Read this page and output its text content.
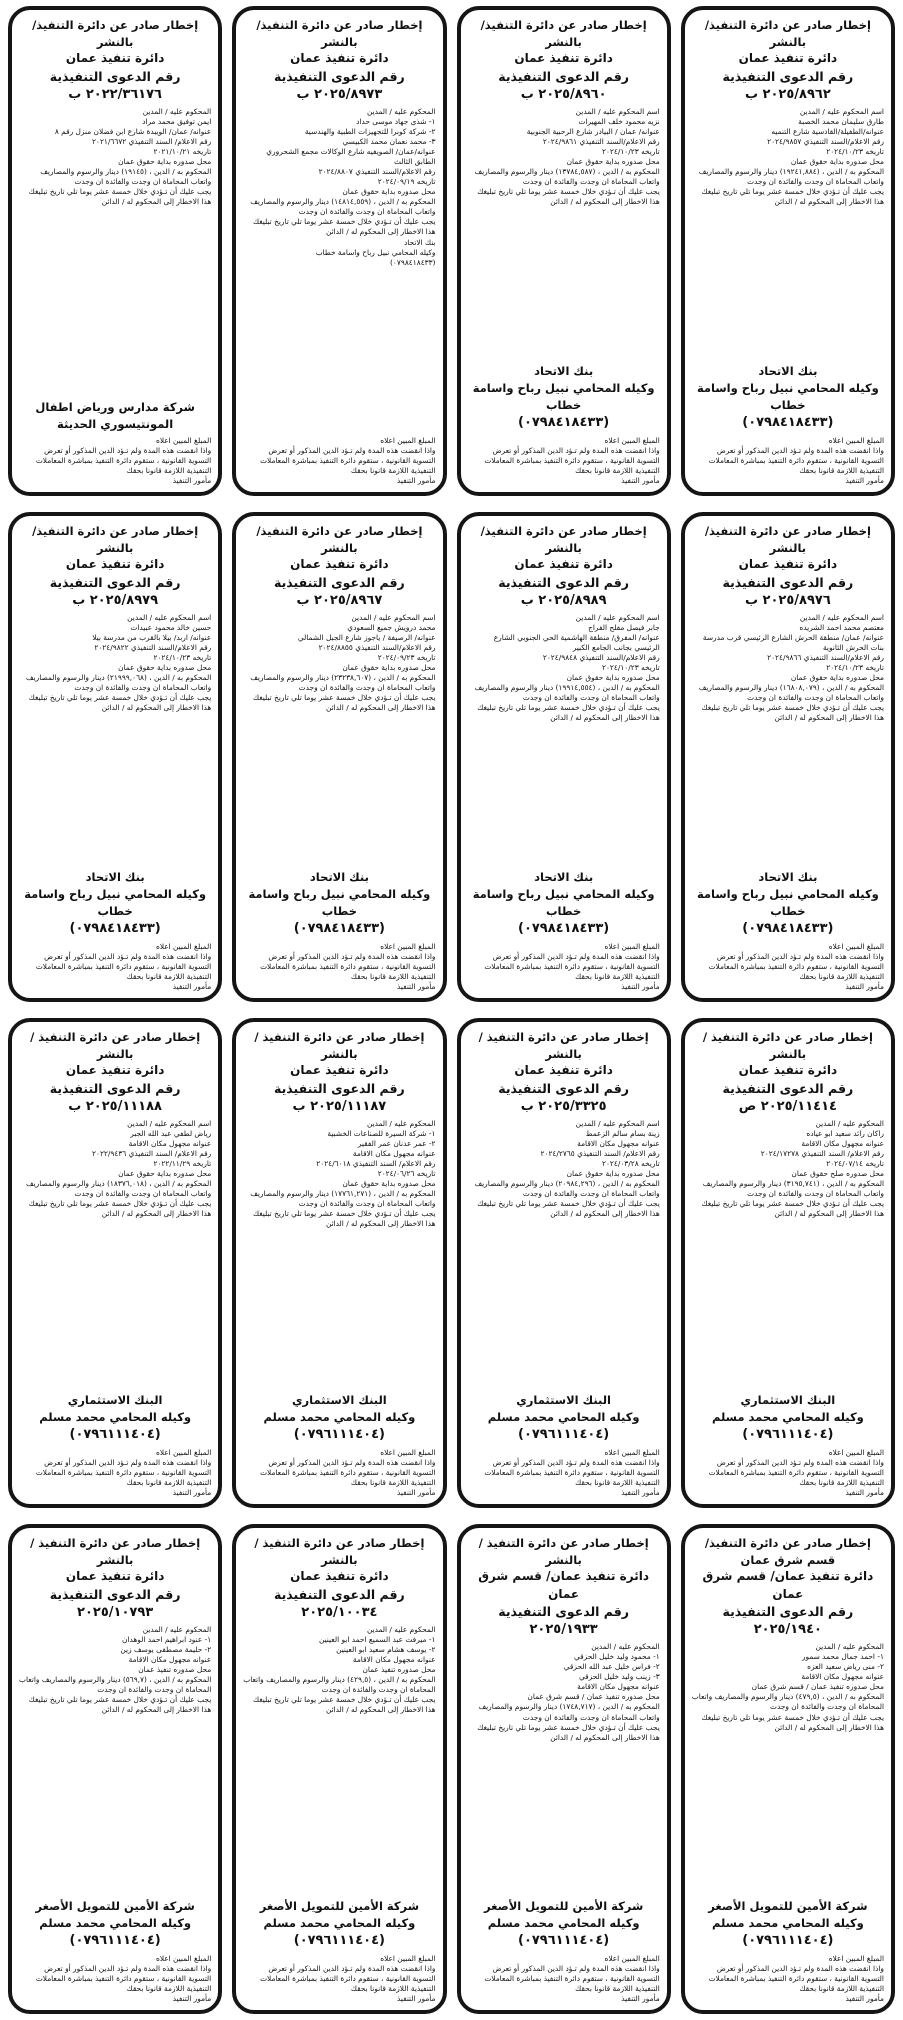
إخطار صادر عن دائرة التنفيذ/ بالنشر
دائرة تنفيذ عمان
رقم الدعوى التنفيذية
٢٠٢٥/٨٩٦٢ ب
اسم المحكوم عليه / المدين
طارق سليمان محمد الخصبة
عنوانه/الطفيلة/القادسية شارع التنميه
رقم الاعلام/السند التنفيذي ٢٠٢٤/٩٨٥٧
تاريخه ٢٠٢٤/١٠/٢٣
محل صدوره بداية حقوق عمان
المحكوم به / الدين ، (١٩٢٤١,٨٨٤) دينار والرسوم والمصاريف واتعاب المحاماة ان وجدت والفائدة ان وجدت
يجب عليك أن تـؤدي خلال خمسة عشر يوما تلي تاريخ تبليغك هذا الاخطار إلى المحكوم له / الدائن
بنك الاتحاد
وكيله المحامي نبيل رباح واسامة خطاب
(٠٧٩٨٤١٨٤٣٣)
المبلغ المبين اعلاه
واذا انقضت هذه المدة ولم تـؤد الدين المذكور أو تعرض التسوية القانونية ، ستقوم دائرة التنفيذ بمباشرة المعاملات التنفيذية اللازمة قانونا بحقك
مأمور التنفيذ
إخطار صادر عن دائرة التنفيذ/ بالنشر
دائرة تنفيذ عمان
رقم الدعوى التنفيذية
٢٠٢٥/٨٩٦٠ ب
اسم المحكوم عليه / المدين
نزيه محمود خلف المهيرات
عنوانه/ عمان / البيادر شارع الرحبية الجنوبية
رقم الاعلام/السند التنفيذي ٢٠٢٤/٩٨٦١
تاريخه ٢٠٢٤/١٠/٢٣
محل صدوره بداية حقوق عمان
المحكوم به / الدين ، (١٣٧٨٤,٥٨٧) دينار والرسوم والمصاريف واتعاب المحاماة ان وجدت والفائدة ان وجدت
يجب عليك أن تـؤدي خلال خمسة عشر يوما تلي تاريخ تبليغك هذا الاخطار إلى المحكوم له / الدائن
بنك الاتحاد
وكيله المحامي نبيل رباح واسامة خطاب
(٠٧٩٨٤١٨٤٣٣)
المبلغ المبين اعلاه
واذا انقضت هذه المدة ولم تـؤد الدين المذكور أو تعرض التسوية القانونية ، ستقوم دائرة التنفيذ بمباشرة المعاملات التنفيذية اللازمة قانونا بحقك
مأمور التنفيذ
إخطار صادر عن دائرة التنفيذ/ بالنشر
دائرة تنفيذ عمان
رقم الدعوى التنفيذية
٢٠٢٥/٨٩٧٣ ب
المحكوم عليه / المدين
١- شذى جهاد موسى حداد
٢- شركة كوبرا للتجهيزات الطبية والهندسية
٣- محمد نعمان محمد الكبيسي
عنوانه/عمان/ الصويفيه شارع الوكالات مجمع الشحروري الطابق الثالث
رقم الاعلام/السند التنفيذي ٢٠٢٤/٨٨٠٧
تاريخه ٢٠٢٤/٠٩/١٩
محل صدوره بداية حقوق عمان
المحكوم به / الدين ، (١٤٨١٤,٥٥٩) دينار والرسوم والمصاريف واتعاب المحاماة ان وجدت والفائدة ان وجدت
يجب عليك أن تـؤدي خلال خمسة عشر يوما تلي تاريخ تبليغك هذا الاخطار إلى المحكوم له / الدائن
بنك الاتحاد
وكيله المحامي نبيل رباح واسامة خطاب
(٠٧٩٨٤١٨٤٣٣)
المبلغ المبين اعلاه
واذا انقضت هذه المدة ولم تـؤد الدين المذكور أو تعرض التسوية القانونية ، ستقوم دائرة التنفيذ بمباشرة المعاملات التنفيذية اللازمة قانونا بحقك
مأمور التنفيذ
إخطار صادر عن دائرة التنفيذ/ بالنشر
دائرة تنفيذ عمان
رقم الدعوى التنفيذية
٢٠٢٢/٣٦١٧٦ ب
المحكوم عليه / المدين
ايمن توفيق محمد مراد
عنوانه/ عمان/ الويبدة شارع ابن فضلان منزل رقم ٨
رقم الاعلام/ السند التنفيذي ٢٠٢١/٦٦٧٢
تاريخه ٢٠٢١/١٠/٢١
محل صدوره بداية حقوق عمان
المحكوم به / الدين ، (١٩١٤٥) دينار والرسوم والمصاريف واتعاب المحاماة ان وجدت والفائدة ان وجدت
يجب عليك أن تـؤدي خلال خمسة عشر يوما تلي تاريخ تبليغك هذا الاخطار إلى المحكوم له / الدائن
شركة مدارس ورياض اطفال المونتيسوري الحديثة
المبلغ المبين اعلاه
واذا انقضت هذه المدة ولم تـؤد الدين المذكور أو تعرض التسوية القانونية ، ستقوم دائرة التنفيذ بمباشرة المعاملات التنفيذية اللازمة قانونا بحقك
مأمور التنفيذ
إخطار صادر عن دائرة التنفيذ/ بالنشر
دائرة تنفيذ عمان
رقم الدعوى التنفيذية
٢٠٢٥/٨٩٧٦ ب
اسم المحكوم عليه / المدين
معتصم محمد احمد الشريده
عنوانه/ عمان/ منطقة الحرش الشارع الرئيسي قرب مدرسة بنات الحرش الثانوية
رقم الاعلام/السند التنفيذي ٢٠٢٤/٩٨٦٦
تاريخه ٢٠٢٤/١٠/٢٣
محل صدوره بداية حقوق عمان
المحكوم به / الدين ، (١٦٨٠٨,٠٧٩) دينار والرسوم والمصاريف واتعاب المحاماة ان وجدت والفائدة ان وجدت
يجب عليك أن تـؤدي خلال خمسة عشر يوما تلي تاريخ تبليغك هذا الاخطار إلى المحكوم له / الدائن
بنك الاتحاد
وكيله المحامي نبيل رباح واسامة خطاب
(٠٧٩٨٤١٨٤٣٣)
المبلغ المبين اعلاه
واذا انقضت هذه المدة ولم تـؤد الدين المذكور أو تعرض التسوية القانونية ، ستقوم دائرة التنفيذ بمباشرة المعاملات التنفيذية اللازمة قانونا بحقك
مأمور التنفيذ
إخطار صادر عن دائرة التنفيذ/ بالنشر
دائرة تنفيذ عمان
رقم الدعوى التنفيذية
٢٠٢٥/٨٩٨٩ ب
اسم المحكوم عليه / المدين
جابر فيصل مفلح الفراج
عنوانه/ المفرق/ منطقة الهاشمية الحي الجنوبي الشارع الرئيسي بجانب الجامع الكبير
رقم الاعلام/السند التنفيذي ٢٠٢٤/٩٨٤٨
تاريخه ٢٠٢٤/١٠/٢٣
محل صدوره بداية حقوق عمان
المحكوم به / الدين ، (١٩٩١٤,٥٥٤) دينار والرسوم والمصاريف واتعاب المحاماة ان وجدت والفائدة ان وجدت
يجب عليك أن تـؤدي خلال خمسة عشر يوما تلي تاريخ تبليغك هذا الاخطار إلى المحكوم له / الدائن
بنك الاتحاد
وكيله المحامي نبيل رباح واسامة خطاب
(٠٧٩٨٤١٨٤٣٣)
المبلغ المبين اعلاه
واذا انقضت هذه المدة ولم تـؤد الدين المذكور أو تعرض التسوية القانونية ، ستقوم دائرة التنفيذ بمباشرة المعاملات التنفيذية اللازمة قانونا بحقك
مأمور التنفيذ
إخطار صادر عن دائرة التنفيذ/ بالنشر
دائرة تنفيذ عمان
رقم الدعوى التنفيذية
٢٠٢٥/٨٩٦٧ ب
اسم المحكوم عليه / المدين
محمد درويش جميع السعودي
عنوانه/ الرصيفة / ياجوز شارع الجبل الشمالي
رقم الاعلام/السند التنفيذي ٢٠٢٤/٨٨٥٥
تاريخه ٢٠٢٤/٠٩/٢٣
محل صدوره بداية حقوق عمان
المحكوم به / الدين ، (٢٣٢٣٨,٦٠٧) دينار والرسوم والمصاريف واتعاب المحاماة ان وجدت والفائدة ان وجدت
يجب عليك أن تـؤدي خلال خمسة عشر يوما تلي تاريخ تبليغك هذا الاخطار إلى المحكوم له / الدائن
بنك الاتحاد
وكيله المحامي نبيل رباح واسامة خطاب
(٠٧٩٨٤١٨٤٣٣)
المبلغ المبين اعلاه
واذا انقضت هذه المدة ولم تـؤد الدين المذكور أو تعرض التسوية القانونية ، ستقوم دائرة التنفيذ بمباشرة المعاملات التنفيذية اللازمة قانونا بحقك
مأمور التنفيذ
إخطار صادر عن دائرة التنفيذ/ بالنشر
دائرة تنفيذ عمان
رقم الدعوى التنفيذية
٢٠٢٥/٨٩٧٩ ب
اسم المحكوم عليه / المدين
حسين خالد محمود عبيدات
عنوانه/ اربد/ بيلا بالقرب من مدرسة بيلا
رقم الاعلام/السند التنفيذي ٢٠٢٤/٩٨٢٢
تاريخه ٢٠٢٤/١٠/٢٣
محل صدوره بداية حقوق عمان
المحكوم به / الدين ، (٢١٩٩٩,٠٦٨) دينار والرسوم والمصاريف واتعاب المحاماة ان وجدت والفائدة ان وجدت
يجب عليك أن تـؤدي خلال خمسة عشر يوما تلي تاريخ تبليغك هذا الاخطار إلى المحكوم له / الدائن
بنك الاتحاد
وكيله المحامي نبيل رباح واسامة خطاب
(٠٧٩٨٤١٨٤٣٣)
المبلغ المبين اعلاه
واذا انقضت هذه المدة ولم تـؤد الدين المذكور أو تعرض التسوية القانونية ، ستقوم دائرة التنفيذ بمباشرة المعاملات التنفيذية اللازمة قانونا بحقك
مأمور التنفيذ
إخطار صادر عن دائرة التنفيذ / بالنشر
دائرة تنفيذ عمان
رقم الدعوى التنفيذية
٢٠٢٥/١١٤١٤ ص
المحكوم عليه / المدين
راكان رائد سعيد ابو عياده
عنوانه مجهول مكان الاقامة
رقم الاعلام/ السند التنفيذي ٢٠٢٤/١٧٢٧٨
تاريخه ٢٠٢٤/٠٧/١٤
محل صدوره صلح حقوق عمان
المحكوم به / الدين ، (٣١٩٥,٧٤١) دينار والرسوم والمصاريف واتعاب المحاماة ان وجدت والفائدة ان وجدت
يجب عليك أن تـؤدي خلال خمسة عشر يوما تلي تاريخ تبليغك هذا الاخطار إلى المحكوم له / الدائن
البنك الاستثماري
وكيله المحامي محمد مسلم
(٠٧٩٦١١١٤٠٤)
المبلغ المبين اعلاه
واذا انقضت هذه المدة ولم تـؤد الدين المذكور أو تعرض التسوية القانونية ، ستقوم دائرة التنفيذ بمباشرة المعاملات التنفيذية اللازمة قانونا بحقك
مأمور التنفيذ
إخطار صادر عن دائرة التنفيذ / بالنشر
دائرة تنفيذ عمان
رقم الدعوى التنفيذية
٢٠٢٥/٣٣٢٥ ب
اسم المحكوم عليه / المدين
زينة بسام سالم الزعمط
عنوانه مجهول مكان الاقامة
رقم الاعلام/ السند التنفيذي ٢٠٢٤/٢٧٦٥
تاريخه ٢٠٢٤/٠٣/٢٨
محل صدوره بداية حقوق عمان
المحكوم به / الدين ، (٢٠٩٨٤,٢٩٦) دينار والرسوم والمصاريف واتعاب المحاماة ان وجدت والفائدة ان وجدت
يجب عليك أن تـؤدي خلال خمسة عشر يوما تلي تاريخ تبليغك هذا الاخطار إلى المحكوم له / الدائن
البنك الاستثماري
وكيله المحامي محمد مسلم
(٠٧٩٦١١١٤٠٤)
المبلغ المبين اعلاه
واذا انقضت هذه المدة ولم تـؤد الدين المذكور أو تعرض التسوية القانونية ، ستقوم دائرة التنفيذ بمباشرة المعاملات التنفيذية اللازمة قانونا بحقك
مأمور التنفيذ
إخطار صادر عن دائرة التنفيذ / بالنشر
دائرة تنفيذ عمان
رقم الدعوى التنفيذية
٢٠٢٥/١١١٨٧ ب
المحكوم عليه / المدين
١- شركة السيرة للصناعات الخشبية
٢- عمر عدنان عمر الفقير
عنوانه مجهول مكان الاقامة
رقم الاعلام/ السند التنفيذي ٢٠٢٤/٦٠١٨
تاريخه ٢٠٢٤/٠٦/٢٦
محل صدوره بداية حقوق عمان
المحكوم به / الدين ، (١٧٧٦١,٢٧١) دينار والرسوم والمصاريف واتعاب المحاماة ان وجدت والفائدة ان وجدت
يجب عليك أن تـؤدي خلال خمسة عشر يوما تلي تاريخ تبليغك هذا الاخطار إلى المحكوم له / الدائن
البنك الاستثماري
وكيله المحامي محمد مسلم
(٠٧٩٦١١١٤٠٤)
المبلغ المبين اعلاه
واذا انقضت هذه المدة ولم تـؤد الدين المذكور أو تعرض التسوية القانونية ، ستقوم دائرة التنفيذ بمباشرة المعاملات التنفيذية اللازمة قانونا بحقك
مأمور التنفيذ
إخطار صادر عن دائرة التنفيذ / بالنشر
دائرة تنفيذ عمان
رقم الدعوى التنفيذية
٢٠٢٥/١١١٨٨ ب
اسم المحكوم عليه / المدين
رياض لطفي عبد الله الجبر
عنوانه مجهول مكان الاقامة
رقم الاعلام/ السند التنفيذي ٢٠٢٢/٩٤٣٦
تاريخه ٢٠٢٢/١١/٢٩
محل صدوره بداية حقوق عمان
المحكوم به / الدين ، (١٨٣٧٦,٠١٨) دينار والرسوم والمصاريف واتعاب المحاماة ان وجدت والفائدة ان وجدت
يجب عليك أن تـؤدي خلال خمسة عشر يوما تلي تاريخ تبليغك هذا الاخطار إلى المحكوم له / الدائن
البنك الاستثماري
وكيله المحامي محمد مسلم
(٠٧٩٦١١١٤٠٤)
المبلغ المبين اعلاه
واذا انقضت هذه المدة ولم تـؤد الدين المذكور أو تعرض التسوية القانونية ، ستقوم دائرة التنفيذ بمباشرة المعاملات التنفيذية اللازمة قانونا بحقك
مأمور التنفيذ
إخطار صادر عن دائرة التنفيذ/ قسم شرق عمان
دائرة تنفيذ عمان/ قسم شرق عمان
رقم الدعوى التنفيذية
٢٠٢٥/١٩٤٠
المحكوم عليه / المدين
١- احمد جمال محمد سمور
٢- منى رياض سعيد العزه
عنوانه مجهول مكان الاقامة
محل صدوره تنفيذ عمان / قسم شرق عمان
المحكوم به / الدين ، (٤٧٩,٥) دينار والرسوم والمصاريف واتعاب المحاماة ان وجدت والفائدة ان وجدت
يجب عليك أن تـؤدي خلال خمسة عشر يوما تلي تاريخ تبليغك هذا الاخطار إلى المحكوم له / الدائن
شركة الأمين للتمويل الأصغر
وكيله المحامي محمد مسلم
(٠٧٩٦١١١٤٠٤)
المبلغ المبين اعلاه
واذا انقضت هذه المدة ولم تـؤد الدين المذكور أو تعرض التسوية القانونية ، ستقوم دائرة التنفيذ بمباشرة المعاملات التنفيذية اللازمة قانونا بحقك
مأمور التنفيذ
إخطار صادر عن دائرة التنفيذ / بالنشر
دائرة تنفيذ عمان/ قسم شرق عمان
رقم الدعوى التنفيذية
٢٠٢٥/١٩٣٣
المحكوم عليه / المدين
١- محمود وليد خليل الحزقي
٢- فراس خليل عبد الله الحزقي
٣- زينب وليد خليل الحزقي
عنوانه مجهول مكان الاقامة
محل صدوره تنفيذ عمان / قسم شرق عمان
المحكوم به / الدين ، (١٧٤٨,٧١٧) دينار والرسوم والمصاريف واتعاب المحاماة ان وجدت والفائدة ان وجدت
يجب عليك أن تـؤدي خلال خمسة عشر يوما تلي تاريخ تبليغك هذا الاخطار إلى المحكوم له / الدائن
شركة الأمين للتمويل الأصغر
وكيله المحامي محمد مسلم
(٠٧٩٦١١١٤٠٤)
المبلغ المبين اعلاه
واذا انقضت هذه المدة ولم تـؤد الدين المذكور أو تعرض التسوية القانونية ، ستقوم دائرة التنفيذ بمباشرة المعاملات التنفيذية اللازمة قانونا بحقك
مأمور التنفيذ
إخطار صادر عن دائرة التنفيذ / بالنشر
دائرة تنفيذ عمان
رقم الدعوى التنفيذية
٢٠٢٥/١٠٠٣٤
المحكوم عليه / المدين
١- ميرفت عبد السميع احمد ابو العينين
٢- يوسف هشام سعيد ابو العينين
عنوانه مجهول مكان الاقامة
محل صدوره تنفيذ عمان
المحكوم به / الدين ، (٤٢٩,٥) دينار والرسوم والمصاريف واتعاب المحاماة ان وجدت والفائدة ان وجدت
يجب عليك أن تـؤدي خلال خمسة عشر يوما تلي تاريخ تبليغك هذا الاخطار إلى المحكوم له / الدائن
شركة الأمين للتمويل الأصغر
وكيله المحامي محمد مسلم
(٠٧٩٦١١١٤٠٤)
المبلغ المبين اعلاه
واذا انقضت هذه المدة ولم تـؤد الدين المذكور أو تعرض التسوية القانونية ، ستقوم دائرة التنفيذ بمباشرة المعاملات التنفيذية اللازمة قانونا بحقك
مأمور التنفيذ
إخطار صادر عن دائرة التنفيذ / بالنشر
دائرة تنفيذ عمان
رقم الدعوى التنفيذية
٢٠٢٥/١٠٧٩٣
المحكوم عليه / المدين
١- عنود ابراهيم احمد الوهدان
٢- حليمة مصطفى يوسف زين
عنوانه مجهول مكان الاقامة
محل صدوره تنفيذ عمان
المحكوم به / الدين ، (٥٦٩,٧) دينار والرسوم والمصاريف واتعاب المحاماة ان وجدت والفائدة ان وجدت
يجب عليك أن تـؤدي خلال خمسة عشر يوما تلي تاريخ تبليغك هذا الاخطار إلى المحكوم له / الدائن
شركة الأمين للتمويل الأصغر
وكيله المحامي محمد مسلم
(٠٧٩٦١١١٤٠٤)
المبلغ المبين اعلاه
واذا انقضت هذه المدة ولم تـؤد الدين المذكور أو تعرض التسوية القانونية ، ستقوم دائرة التنفيذ بمباشرة المعاملات التنفيذية اللازمة قانونا بحقك
مأمور التنفيذ
